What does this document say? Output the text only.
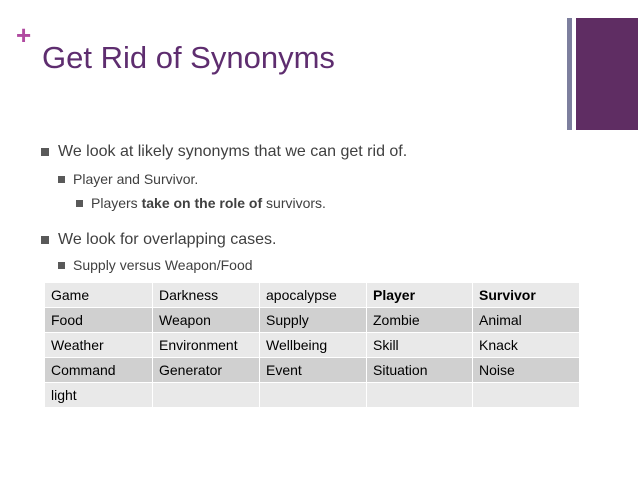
+
Get Rid of Synonyms
We look at likely synonyms that we can get rid of.
Player and Survivor.
Players take on the role of survivors.
We look for overlapping cases.
Supply versus Weapon/Food
Game	Darkness	apocalypse	Player	Survivor
Food	Weapon	Supply	Zombie	Animal
Weather	Environment	Wellbeing	Skill	Knack
Command	Generator	Event	Situation	Noise
light				
